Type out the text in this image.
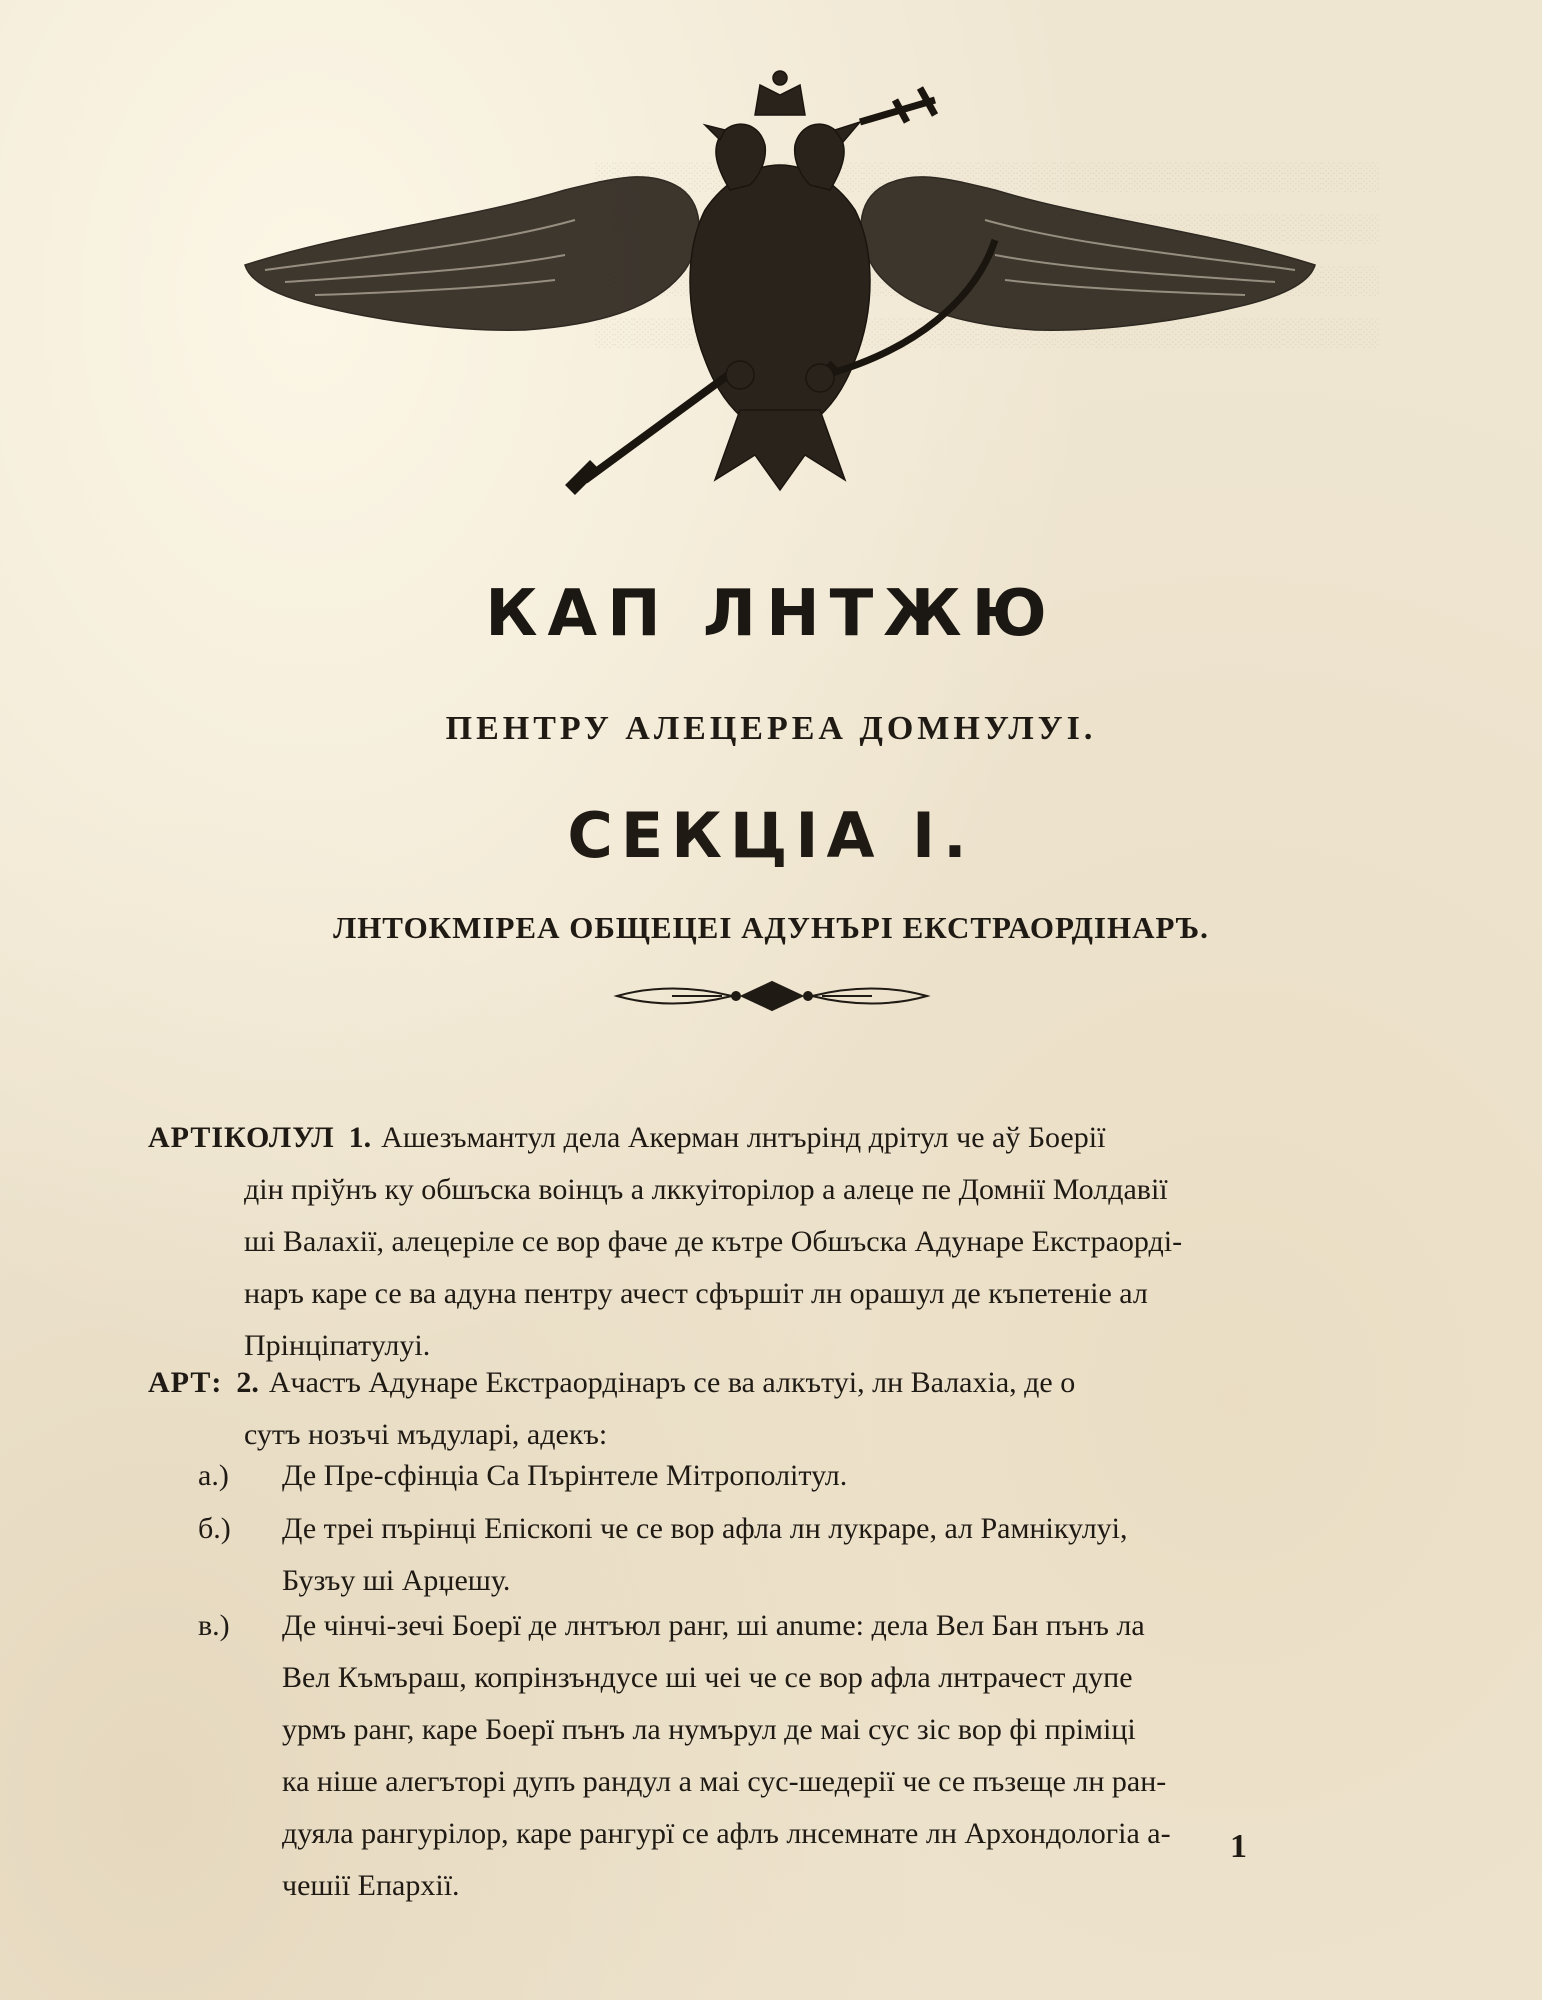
░░░░░░░░░░░░░░░░░░░░░░░░░░░░░░░░░░░░░░░░░

░░░░░░░░░░░░░░░░░░░░░░░░░░░░░░░░░░░░░░░░░
КАП ЛНТЖЮ
ПЕНТРУ АЛЕЦЕРЕА ДОМНУЛУІ.
СЕКЦІА І.
ЛНТОКМІРЕА ОБЩЕЦЕІ АДУНЪРІ ЕКСТРАОРДІНАРЪ.
АРТІКОЛУЛ 1. Ашезъмантул дела Акерман лнтърінд дрітул че аў Боерії
дін пріўнъ ку обшъска воінцъ а лккуіторілор а алеце пе Домнії Молдавії
ші Валахії, алецеріле се вор фаче де кътре Обшъска Адунаре Екстраорді-
наръ каре се ва адуна пентру ачест сфършіт лн орашул де къпетеніе ал
Прінціпатулуі.
АРТ: 2. Ачастъ Адунаре Екстраордінаръ се ва алкътуі, лн Валахіа, де о
сутъ нозъчі мъдуларі, адекъ:
а.) Де Пре-сфінціа Са Пърінтеле Мітрополітул.
б.) Де треі пърінці Епіскопі че се вор афла лн лукраре, ал Рамнікулуі,
Бузъу ші Арџешу.
в.) Де чінчі-зечі Боерї де лнтъюл ранг, ші anume: дела Вел Бан пънъ ла
Вел Къмъраш, копрінзъндусе ші чеі че се вор афла лнтрачест дупе
урмъ ранг, каре Боерї пънъ ла нумърул де маі сус зіс вор фі пріміці
ка ніше алегъторі дупъ рандул а маі сус-шедерії че се пъзеще лн ран-
дуяла рангурілор, каре рангурї се афлъ лнсемнате лн Архондологіа а-
чешії Епархії.
1
